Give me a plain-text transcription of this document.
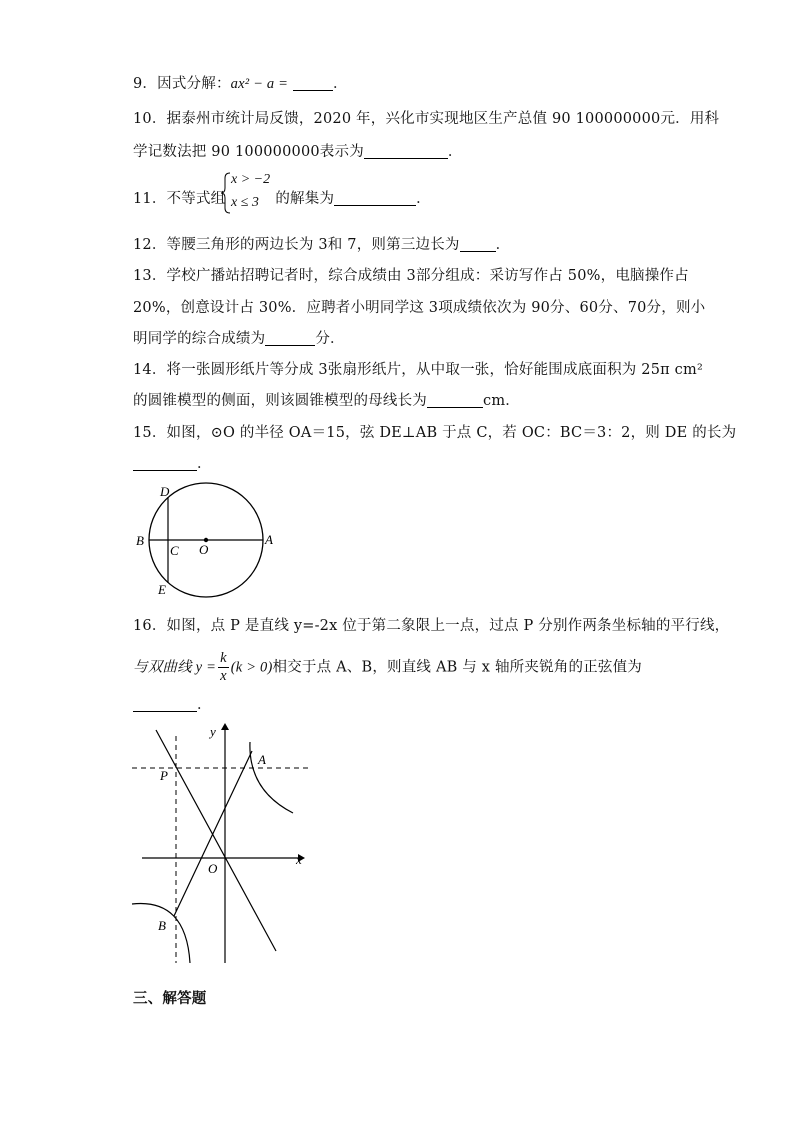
9．因式分解：ax² − a =	．
10．据泰州市统计局反馈，2020 年，兴化市实现地区生产总值 90 100000000元．用科
学记数法把 90 100000000表示为	．
11．不等式组	的解集为	．
x > −2
x ≤ 3
12．等腰三角形的两边长为 3和 7，则第三边长为 ．
13．学校广播站招聘记者时，综合成绩由 3部分组成：采访写作占 50%，电脑操作占
20%，创意设计占 30%．应聘者小明同学这 3项成绩依次为 90分、60分、70分，则小
明同学的综合成绩为	分．
14．将一张圆形纸片等分成 3张扇形纸片，从中取一张，恰好能围成底面积为 25π cm²
的圆锥模型的侧面，则该圆锥模型的母线长为	cm．
15．如图，⊙O 的半径 OA＝15，弦 DE⊥AB 于点 C，若 OC：BC＝3：2，则 DE 的长为
．
D
B
C O
A
E
16．如图，点 P 是直线 y=-2x 位于第二象限上一点，过点 P 分别作两条坐标轴的平行线，
与双曲线 $y = \frac{k}{x} (k > 0)$相交于点 A、B，则直线 AB 与 x 轴所夹锐角的正弦值为
．
y
x
P
A
O
B
三、解答题
